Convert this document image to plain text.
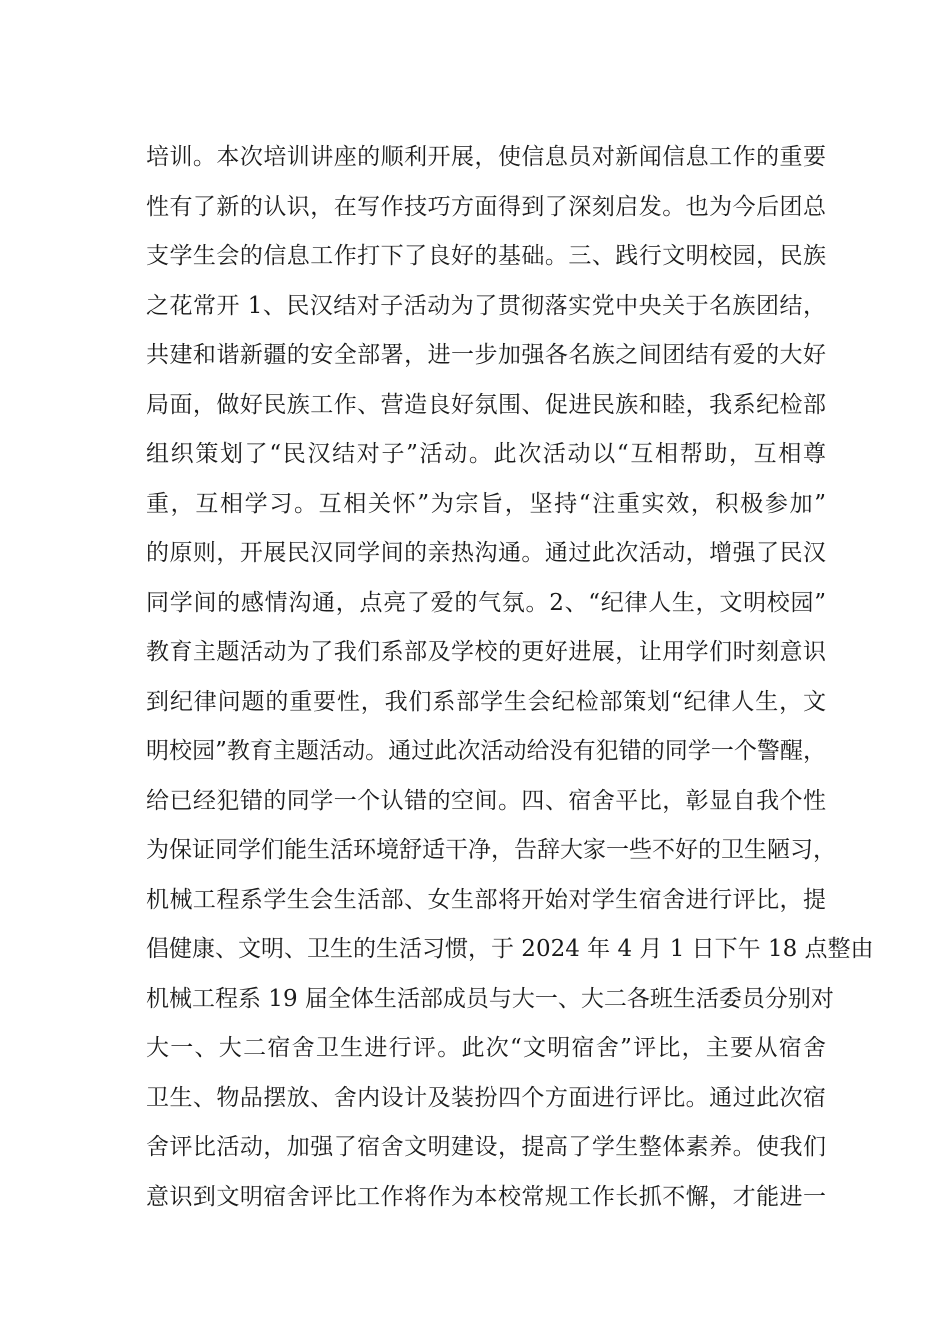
培训。本次培训讲座的顺利开展，使信息员对新闻信息工作的重要
性有了新的认识，在写作技巧方面得到了深刻启发。也为今后团总
支学生会的信息工作打下了良好的基础。三、践行文明校园，民族
之花常开 1、民汉结对子活动为了贯彻落实党中央关于名族团结，
共建和谐新疆的安全部署，进一步加强各名族之间团结有爱的大好
局面，做好民族工作、营造良好氛围、促进民族和睦，我系纪检部
组织策划了“民汉结对子”活动。此次活动以“互相帮助，互相尊
重，互相学习。互相关怀”为宗旨，坚持“注重实效，积极参加”
的原则，开展民汉同学间的亲热沟通。通过此次活动，增强了民汉
同学间的感情沟通，点亮了爱的气氛。2、“纪律人生，文明校园”
教育主题活动为了我们系部及学校的更好进展，让用学们时刻意识
到纪律问题的重要性，我们系部学生会纪检部策划“纪律人生，文
明校园”教育主题活动。通过此次活动给没有犯错的同学一个警醒，
给已经犯错的同学一个认错的空间。四、宿舍平比，彰显自我个性
为保证同学们能生活环境舒适干净，告辞大家一些不好的卫生陋习，
机械工程系学生会生活部、女生部将开始对学生宿舍进行评比，提
倡健康、文明、卫生的生活习惯，于 2024 年 4 月 1 日下午 18 点整由
机械工程系 19 届全体生活部成员与大一、大二各班生活委员分别对
大一、大二宿舍卫生进行评。此次“文明宿舍”评比，主要从宿舍
卫生、物品摆放、舍内设计及装扮四个方面进行评比。通过此次宿
舍评比活动，加强了宿舍文明建设，提高了学生整体素养。使我们
意识到文明宿舍评比工作将作为本校常规工作长抓不懈，才能进一
